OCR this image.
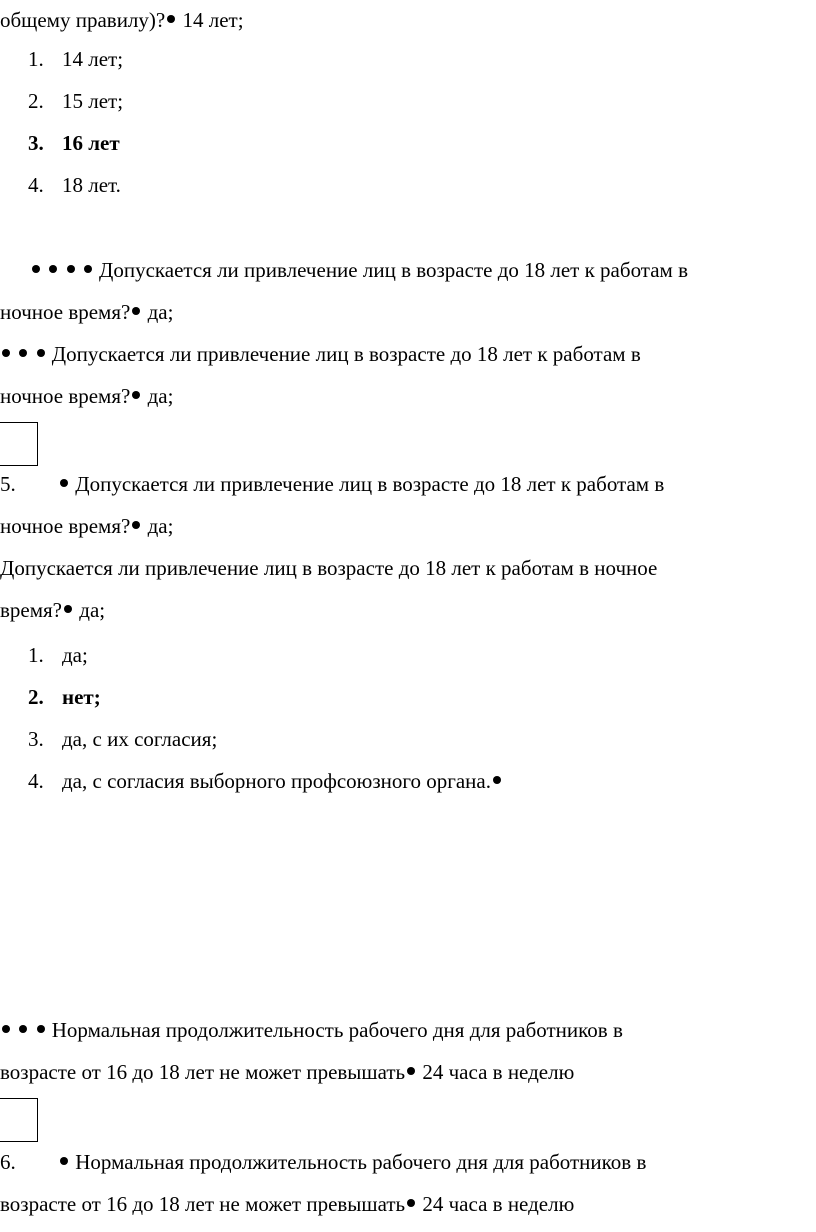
общему правилу)? 14 лет;
1. 14 лет;
2. 15 лет;
3. 16 лет
4. 18 лет.
Допускается ли привлечение лиц в возрасте до 18 лет к работам в
ночное время? да;
Допускается ли привлечение лиц в возрасте до 18 лет к работам в
ночное время? да;
5.	Допускается ли привлечение лиц в возрасте до 18 лет к работам в
ночное время? да;
Допускается ли привлечение лиц в возрасте до 18 лет к работам в ночное
время? да;
1. да;
2. нет;
3. да, с их согласия;
4. да, с согласия выборного профсоюзного органа.
Нормальная продолжительность рабочего дня для работников в
возрасте от 16 до 18 лет не может превышать 24 часа в неделю
6.	Нормальная продолжительность рабочего дня для работников в
возрасте от 16 до 18 лет не может превышать 24 часа в неделю
